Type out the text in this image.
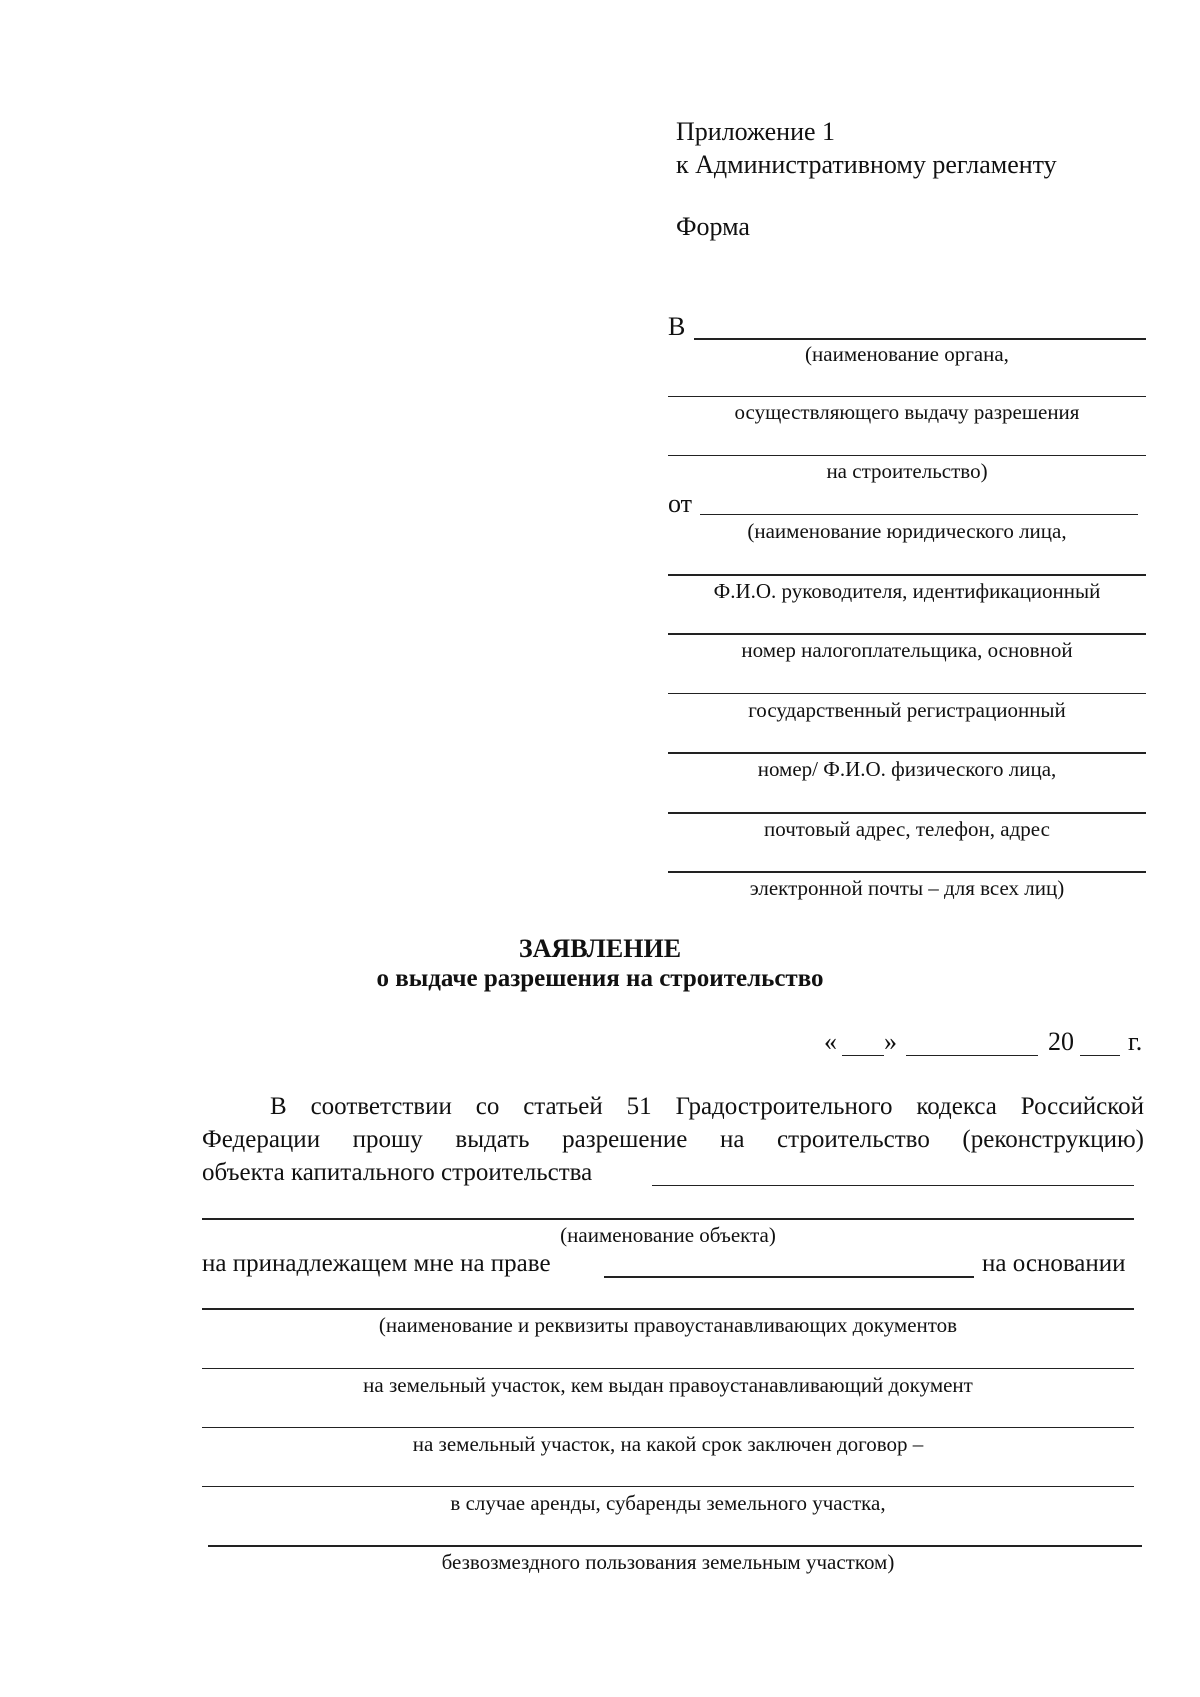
Приложение 1
к Административному регламенту
Форма
В
(наименование органа,
осуществляющего выдачу разрешения
на строительство)
от
(наименование юридического лица,
Ф.И.О. руководителя, идентификационный
номер налогоплательщика, основной
государственный регистрационный
номер/ Ф.И.О. физического лица,
почтовый адрес, телефон, адрес
электронной почты – для всех лиц)
ЗАЯВЛЕНИЕ
о выдаче разрешения на строительство
« »	20 г.
В соответствии со статьей 51 Градостроительного кодекса Российской
Федерации прошу выдать разрешение на строительство (реконструкцию)
объекта капитального строительства
(наименование объекта)
на принадлежащем мне на праве	на основании
(наименование и реквизиты правоустанавливающих документов
на земельный участок, кем выдан правоустанавливающий документ
на земельный участок, на какой срок заключен договор –
в случае аренды, субаренды земельного участка,
безвозмездного пользования земельным участком)
